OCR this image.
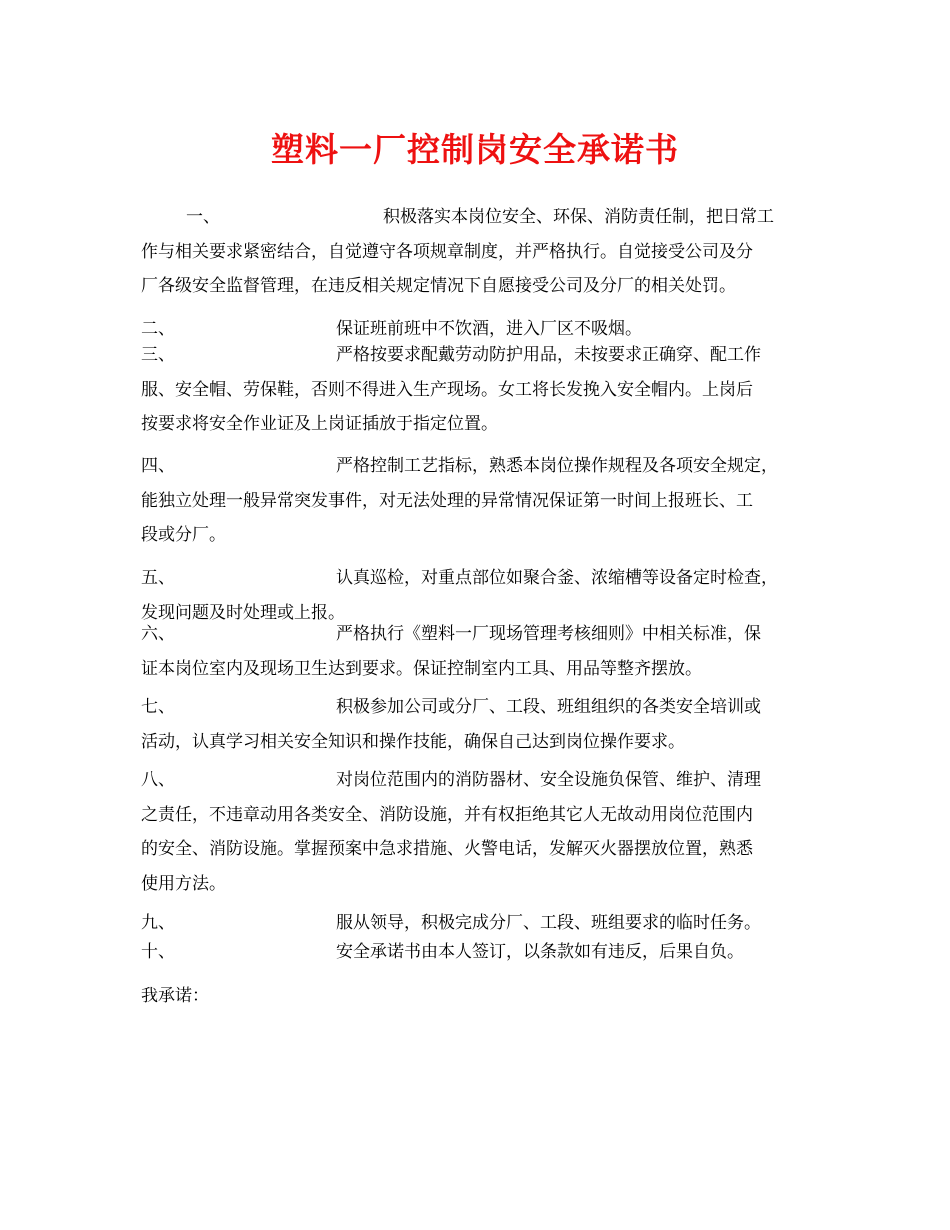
塑料一厂控制岗安全承诺书
一、	积极落实本岗位安全、环保、消防责任制，把日常工
作与相关要求紧密结合，自觉遵守各项规章制度，并严格执行。自觉接受公司及分
厂各级安全监督管理，在违反相关规定情况下自愿接受公司及分厂的相关处罚。
二、	保证班前班中不饮酒，进入厂区不吸烟。
三、	严格按要求配戴劳动防护用品，未按要求正确穿、配工作
服、安全帽、劳保鞋，否则不得进入生产现场。女工将长发挽入安全帽内。上岗后
按要求将安全作业证及上岗证插放于指定位置。
四、	严格控制工艺指标，熟悉本岗位操作规程及各项安全规定，
能独立处理一般异常突发事件，对无法处理的异常情况保证第一时间上报班长、工
段或分厂。
五、	认真巡检，对重点部位如聚合釜、浓缩槽等设备定时检查，
发现问题及时处理或上报。
六、	严格执行《塑料一厂现场管理考核细则》中相关标准，保
证本岗位室内及现场卫生达到要求。保证控制室内工具、用品等整齐摆放。
七、	积极参加公司或分厂、工段、班组组织的各类安全培训或
活动，认真学习相关安全知识和操作技能，确保自己达到岗位操作要求。
八、	对岗位范围内的消防器材、安全设施负保管、维护、清理
之责任，不违章动用各类安全、消防设施，并有权拒绝其它人无故动用岗位范围内
的安全、消防设施。掌握预案中急求措施、火警电话，发解灭火器摆放位置，熟悉
使用方法。
九、	服从领导，积极完成分厂、工段、班组要求的临时任务。
十、	安全承诺书由本人签订，以条款如有违反，后果自负。

我承诺：
